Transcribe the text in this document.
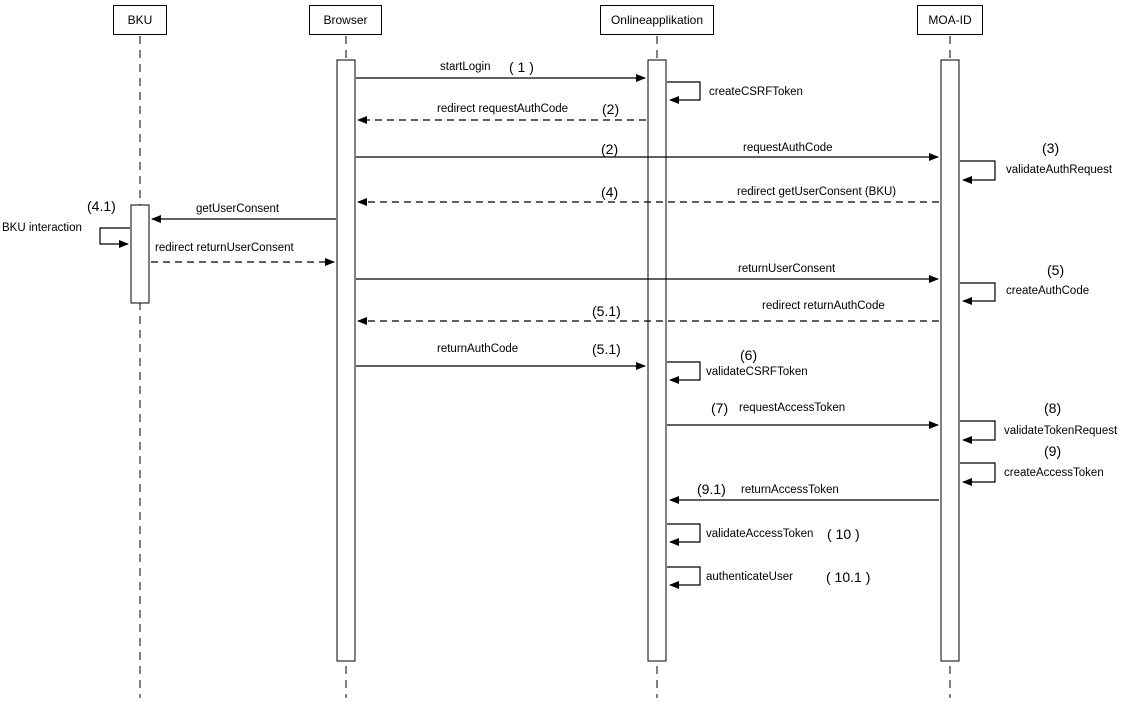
BKU	Browser	Onlineapplikation	MOA-ID
startLogin ( 1 )
createCSRFToken
redirect requestAuthCode (2)
(2)	requestAuthCode	(3)
validateAuthRequest
(4)	redirect getUserConsent (BKU)
(4.1)	getUserConsent
BKU interaction
redirect returnUserConsent
returnUserConsent	(5)
createAuthCode
(5.1)	redirect returnAuthCode
returnAuthCode	(5.1)	(6)
validateCSRFToken
(7) requestAccessToken	(8)
validateTokenRequest
(9)
createAccessToken
(9.1) returnAccessToken
validateAccessToken ( 10 )
authenticateUser ( 10.1 )
